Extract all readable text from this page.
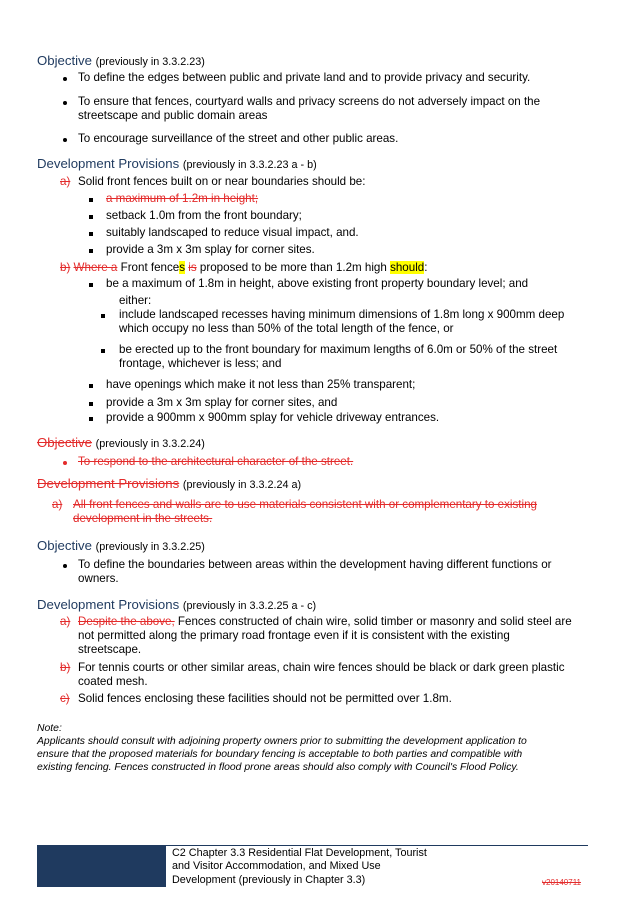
Objective (previously in 3.3.2.23)
To define the edges between public and private land and to provide privacy and security.
To ensure that fences, courtyard walls and privacy screens do not adversely impact on the
streetscape and public domain areas
To encourage surveillance of the street and other public areas.
Development Provisions (previously in 3.3.2.23 a - b)
a) Solid front fences built on or near boundaries should be:
a maximum of 1.2m in height;
setback 1.0m from the front boundary;
suitably landscaped to reduce visual impact, and.
provide a 3m x 3m splay for corner sites.
b) Where a Front fences is proposed to be more than 1.2m high should:
be a maximum of 1.8m in height, above existing front property boundary level; and
either:
include landscaped recesses having minimum dimensions of 1.8m long x 900mm deep
which occupy no less than 50% of the total length of the fence, or
be erected up to the front boundary for maximum lengths of 6.0m or 50% of the street
frontage, whichever is less; and
have openings which make it not less than 25% transparent;
provide a 3m x 3m splay for corner sites, and
provide a 900mm x 900mm splay for vehicle driveway entrances.
Objective (previously in 3.3.2.24)
To respond to the architectural character of the street.
Development Provisions (previously in 3.3.2.24 a)
a) All front fences and walls are to use materials consistent with or complementary to existing
development in the streets.
Objective (previously in 3.3.2.25)
To define the boundaries between areas within the development having different functions or
owners.
Development Provisions (previously in 3.3.2.25 a - c)
a) Despite the above, Fences constructed of chain wire, solid timber or masonry and solid steel are
not permitted along the primary road frontage even if it is consistent with the existing
streetscape.
b) For tennis courts or other similar areas, chain wire fences should be black or dark green plastic
coated mesh.
c) Solid fences enclosing these facilities should not be permitted over 1.8m.
Note:
Applicants should consult with adjoining property owners prior to submitting the development application to
ensure that the proposed materials for boundary fencing is acceptable to both parties and compatible with
existing fencing. Fences constructed in flood prone areas should also comply with Council's Flood Policy.
C2 Chapter 3.3 Residential Flat Development, Tourist
and Visitor Accommodation, and Mixed Use
Development (previously in Chapter 3.3)	v20140711
